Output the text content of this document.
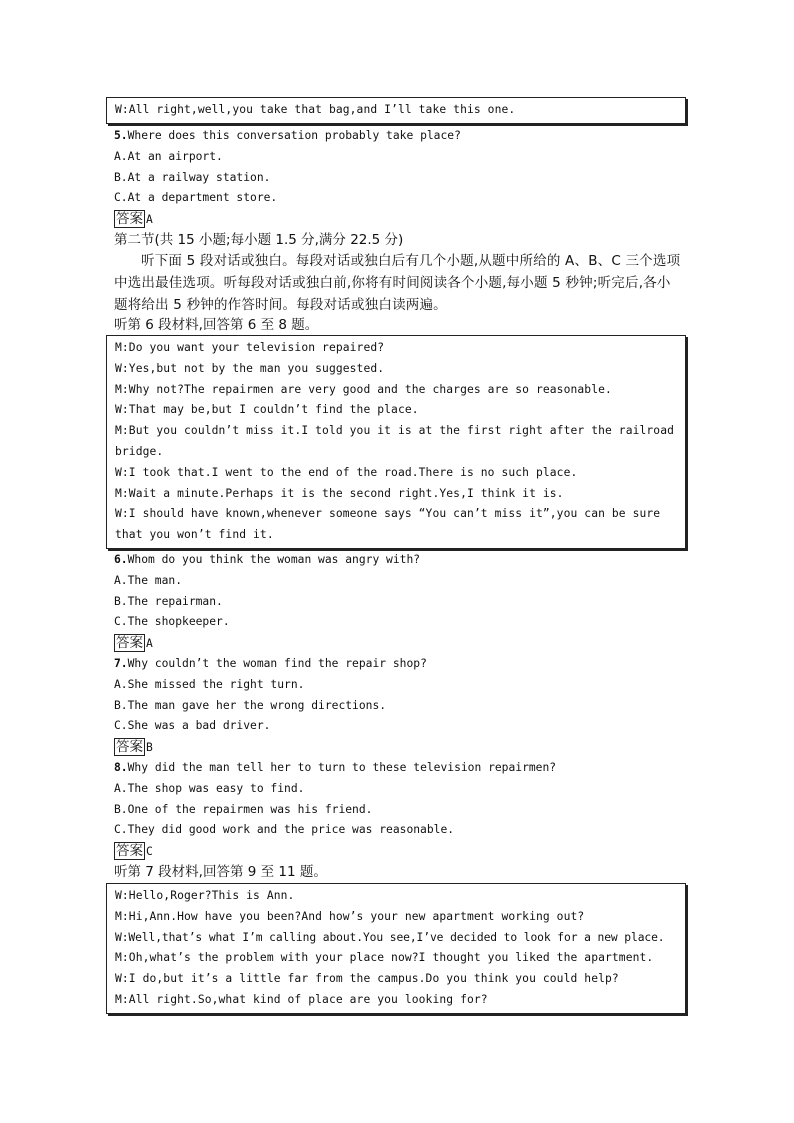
W:All right,well,you take that bag,and I’ll take this one.
5.Where does this conversation probably take place?
A.At an airport.
B.At a railway station.
C.At a department store.
答案 A
第二节(共 15 小题;每小题 1.5 分,满分 22.5 分)
听下面 5 段对话或独白。每段对话或独白后有几个小题,从题中所给的 A、B、C 三个选项中选出最佳选项。听每段对话或独白前,你将有时间阅读各个小题,每小题 5 秒钟;听完后,各小题将给出 5 秒钟的作答时间。每段对话或独白读两遍。
听第 6 段材料,回答第 6 至 8 题。
M:Do you want your television repaired?
W:Yes,but not by the man you suggested.
M:Why not?The repairmen are very good and the charges are so reasonable.
W:That may be,but I couldn’t find the place.
M:But you couldn’t miss it.I told you it is at the first right after the railroad bridge.
W:I took that.I went to the end of the road.There is no such place.
M:Wait a minute.Perhaps it is the second right.Yes,I think it is.
W:I should have known,whenever someone says “You can’t miss it”,you can be sure that you won’t find it.
6.Whom do you think the woman was angry with?
A.The man.
B.The repairman.
C.The shopkeeper.
答案 A
7.Why couldn’t the woman find the repair shop?
A.She missed the right turn.
B.The man gave her the wrong directions.
C.She was a bad driver.
答案 B
8.Why did the man tell her to turn to these television repairmen?
A.The shop was easy to find.
B.One of the repairmen was his friend.
C.They did good work and the price was reasonable.
答案 C
听第 7 段材料,回答第 9 至 11 题。
W:Hello,Roger?This is Ann.
M:Hi,Ann.How have you been?And how’s your new apartment working out?
W:Well,that’s what I’m calling about.You see,I’ve decided to look for a new place.
M:Oh,what’s the problem with your place now?I thought you liked the apartment.
W:I do,but it’s a little far from the campus.Do you think you could help?
M:All right.So,what kind of place are you looking for?
